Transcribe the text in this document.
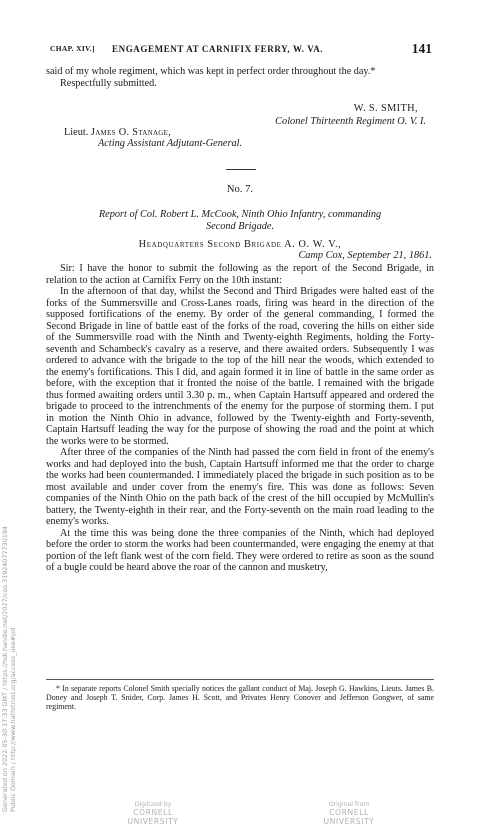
CHAP. XIV.] ENGAGEMENT AT CARNIFIX FERRY, W. VA.	141

said of my whole regiment, which was kept in perfect order throughout the day.*

Respectfully submitted.

W. S. SMITH,
Colonel Thirteenth Regiment O. V. I.
Lieut. James O. Stanage,
Acting Assistant Adjutant-General.
No. 7.
Report of Col. Robert L. McCook, Ninth Ohio Infantry, commanding
Second Brigade.
Headquarters Second Brigade A. O. W. V.,
Camp Cox, September 21, 1861.

Sir: I have the honor to submit the following as the report of the Second Brigade, in relation to the action at Carnifix Ferry on the 10th instant:

In the afternoon of that day, whilst the Second and Third Brigades were halted east of the forks of the Summersville and Cross-Lanes roads, firing was heard in the direction of the supposed fortifications of the enemy. By order of the general commanding, I formed the Second Brigade in line of battle east of the forks of the road, covering the hills on either side of the Summersville road with the Ninth and Twenty-eighth Regiments, holding the Forty-seventh and Schambeck's cavalry as a reserve, and there awaited orders. Subsequently I was ordered to advance with the brigade to the top of the hill near the woods, which extended to the enemy's fortifications. This I did, and again formed it in line of battle in the same order as before, with the exception that it fronted the noise of the battle. I remained with the brigade thus formed awaiting orders until 3.30 p. m., when Captain Hartsuff appeared and ordered the brigade to proceed to the intrenchments of the enemy for the purpose of storming them. I put in motion the Ninth Ohio in advance, followed by the Twenty-eighth and Forty-seventh, Captain Hartsuff leading the way for the purpose of showing the road and the point at which the works were to be stormed.

After three of the companies of the Ninth had passed the corn field in front of the enemy's works and had deployed into the bush, Captain Hartsuff informed me that the order to charge the works had been countermanded. I immediately placed the brigade in such position as to be most available and under cover from the enemy's fire. This was done as follows: Seven companies of the Ninth Ohio on the path back of the crest of the hill occupied by McMullin's battery, the Twenty-eighth in their rear, and the Forty-seventh on the main road leading to the enemy's works.

At the time this was being done the three companies of the Ninth, which had deployed before the order to storm the works had been countermanded, were engaging the enemy at that portion of the left flank west of the corn field. They were ordered to retire as soon as the sound of a bugle could be heard above the roar of the cannon and musketry,

* In separate reports Colonel Smith specially notices the gallant conduct of Maj. Joseph G. Hawkins, Lieuts. James B. Doney and Joseph T. Snider, Corp. James H. Scott, and Privates Henry Conover and Jefferson Gongwer, of same regiment.

Generated on 2022-05-30 17:33 GMT / https://hdl.handle.net/2027/coo.31924077730194 Public Domain / http://www.hathitrust.org/access_use#pd	Digitized by
CORNELL UNIVERSITY
Original from
CORNELL UNIVERSITY
